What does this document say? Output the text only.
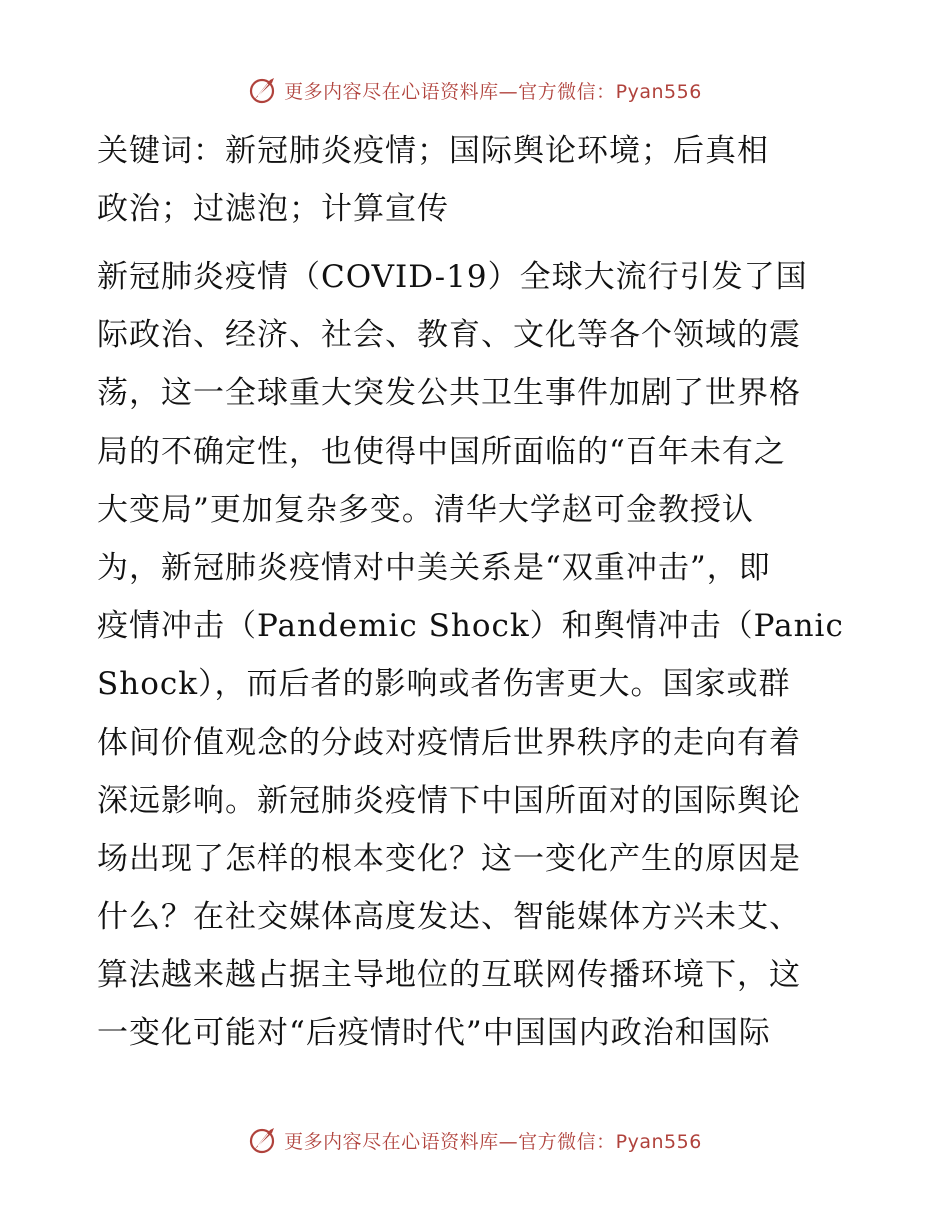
更多内容尽在心语资料库—官方微信：Pyan556
关键词：新冠肺炎疫情；国际舆论环境；后真相
政治；过滤泡；计算宣传
新冠肺炎疫情（COVID-19）全球大流行引发了国
际政治、经济、社会、教育、文化等各个领域的震
荡，这一全球重大突发公共卫生事件加剧了世界格
局的不确定性，也使得中国所面临的“百年未有之
大变局”更加复杂多变。清华大学赵可金教授认
为，新冠肺炎疫情对中美关系是“双重冲击”，即
疫情冲击（Pandemic Shock）和舆情冲击（Panic
Shock），而后者的影响或者伤害更大。国家或群
体间价值观念的分歧对疫情后世界秩序的走向有着
深远影响。新冠肺炎疫情下中国所面对的国际舆论
场出现了怎样的根本变化？这一变化产生的原因是
什么？在社交媒体高度发达、智能媒体方兴未艾、
算法越来越占据主导地位的互联网传播环境下，这
一变化可能对“后疫情时代”中国国内政治和国际
更多内容尽在心语资料库—官方微信：Pyan556
